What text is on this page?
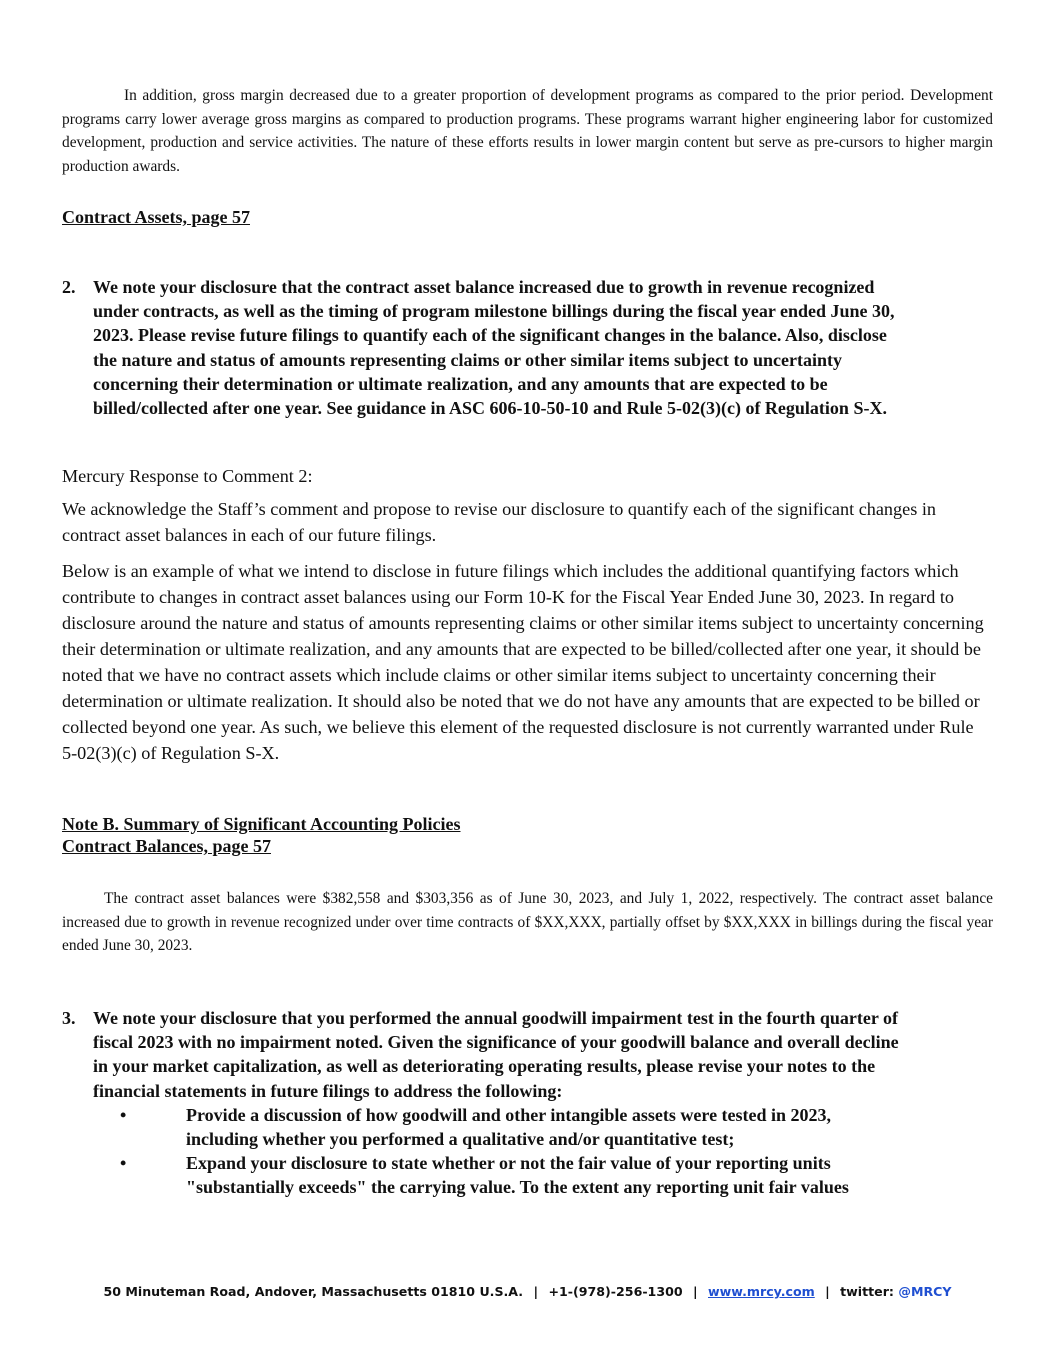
In addition, gross margin decreased due to a greater proportion of development programs as compared to the prior period. Development programs carry lower average gross margins as compared to production programs. These programs warrant higher engineering labor for customized development, production and service activities. The nature of these efforts results in lower margin content but serve as pre-cursors to higher margin production awards.
Contract Assets, page 57
2. We note your disclosure that the contract asset balance increased due to growth in revenue recognized under contracts, as well as the timing of program milestone billings during the fiscal year ended June 30, 2023. Please revise future filings to quantify each of the significant changes in the balance. Also, disclose the nature and status of amounts representing claims or other similar items subject to uncertainty concerning their determination or ultimate realization, and any amounts that are expected to be billed/collected after one year. See guidance in ASC 606-10-50-10 and Rule 5-02(3)(c) of Regulation S-X.
Mercury Response to Comment 2:
We acknowledge the Staff’s comment and propose to revise our disclosure to quantify each of the significant changes in contract asset balances in each of our future filings.
Below is an example of what we intend to disclose in future filings which includes the additional quantifying factors which contribute to changes in contract asset balances using our Form 10-K for the Fiscal Year Ended June 30, 2023. In regard to disclosure around the nature and status of amounts representing claims or other similar items subject to uncertainty concerning their determination or ultimate realization, and any amounts that are expected to be billed/collected after one year, it should be noted that we have no contract assets which include claims or other similar items subject to uncertainty concerning their determination or ultimate realization. It should also be noted that we do not have any amounts that are expected to be billed or collected beyond one year. As such, we believe this element of the requested disclosure is not currently warranted under Rule 5-02(3)(c) of Regulation S-X.
Note B. Summary of Significant Accounting Policies
Contract Balances, page 57
The contract asset balances were $382,558 and $303,356 as of June 30, 2023, and July 1, 2022, respectively. The contract asset balance increased due to growth in revenue recognized under over time contracts of $XX,XXX, partially offset by $XX,XXX in billings during the fiscal year ended June 30, 2023.
3. We note your disclosure that you performed the annual goodwill impairment test in the fourth quarter of fiscal 2023 with no impairment noted. Given the significance of your goodwill balance and overall decline in your market capitalization, as well as deteriorating operating results, please revise your notes to the financial statements in future filings to address the following:
•	Provide a discussion of how goodwill and other intangible assets were tested in 2023, including whether you performed a qualitative and/or quantitative test;
•	Expand your disclosure to state whether or not the fair value of your reporting units "substantially exceeds" the carrying value. To the extent any reporting unit fair values
50 Minuteman Road, Andover, Massachusetts 01810 U.S.A. | +1-(978)-256-1300 | www.mrcy.com | twitter: @MRCY
